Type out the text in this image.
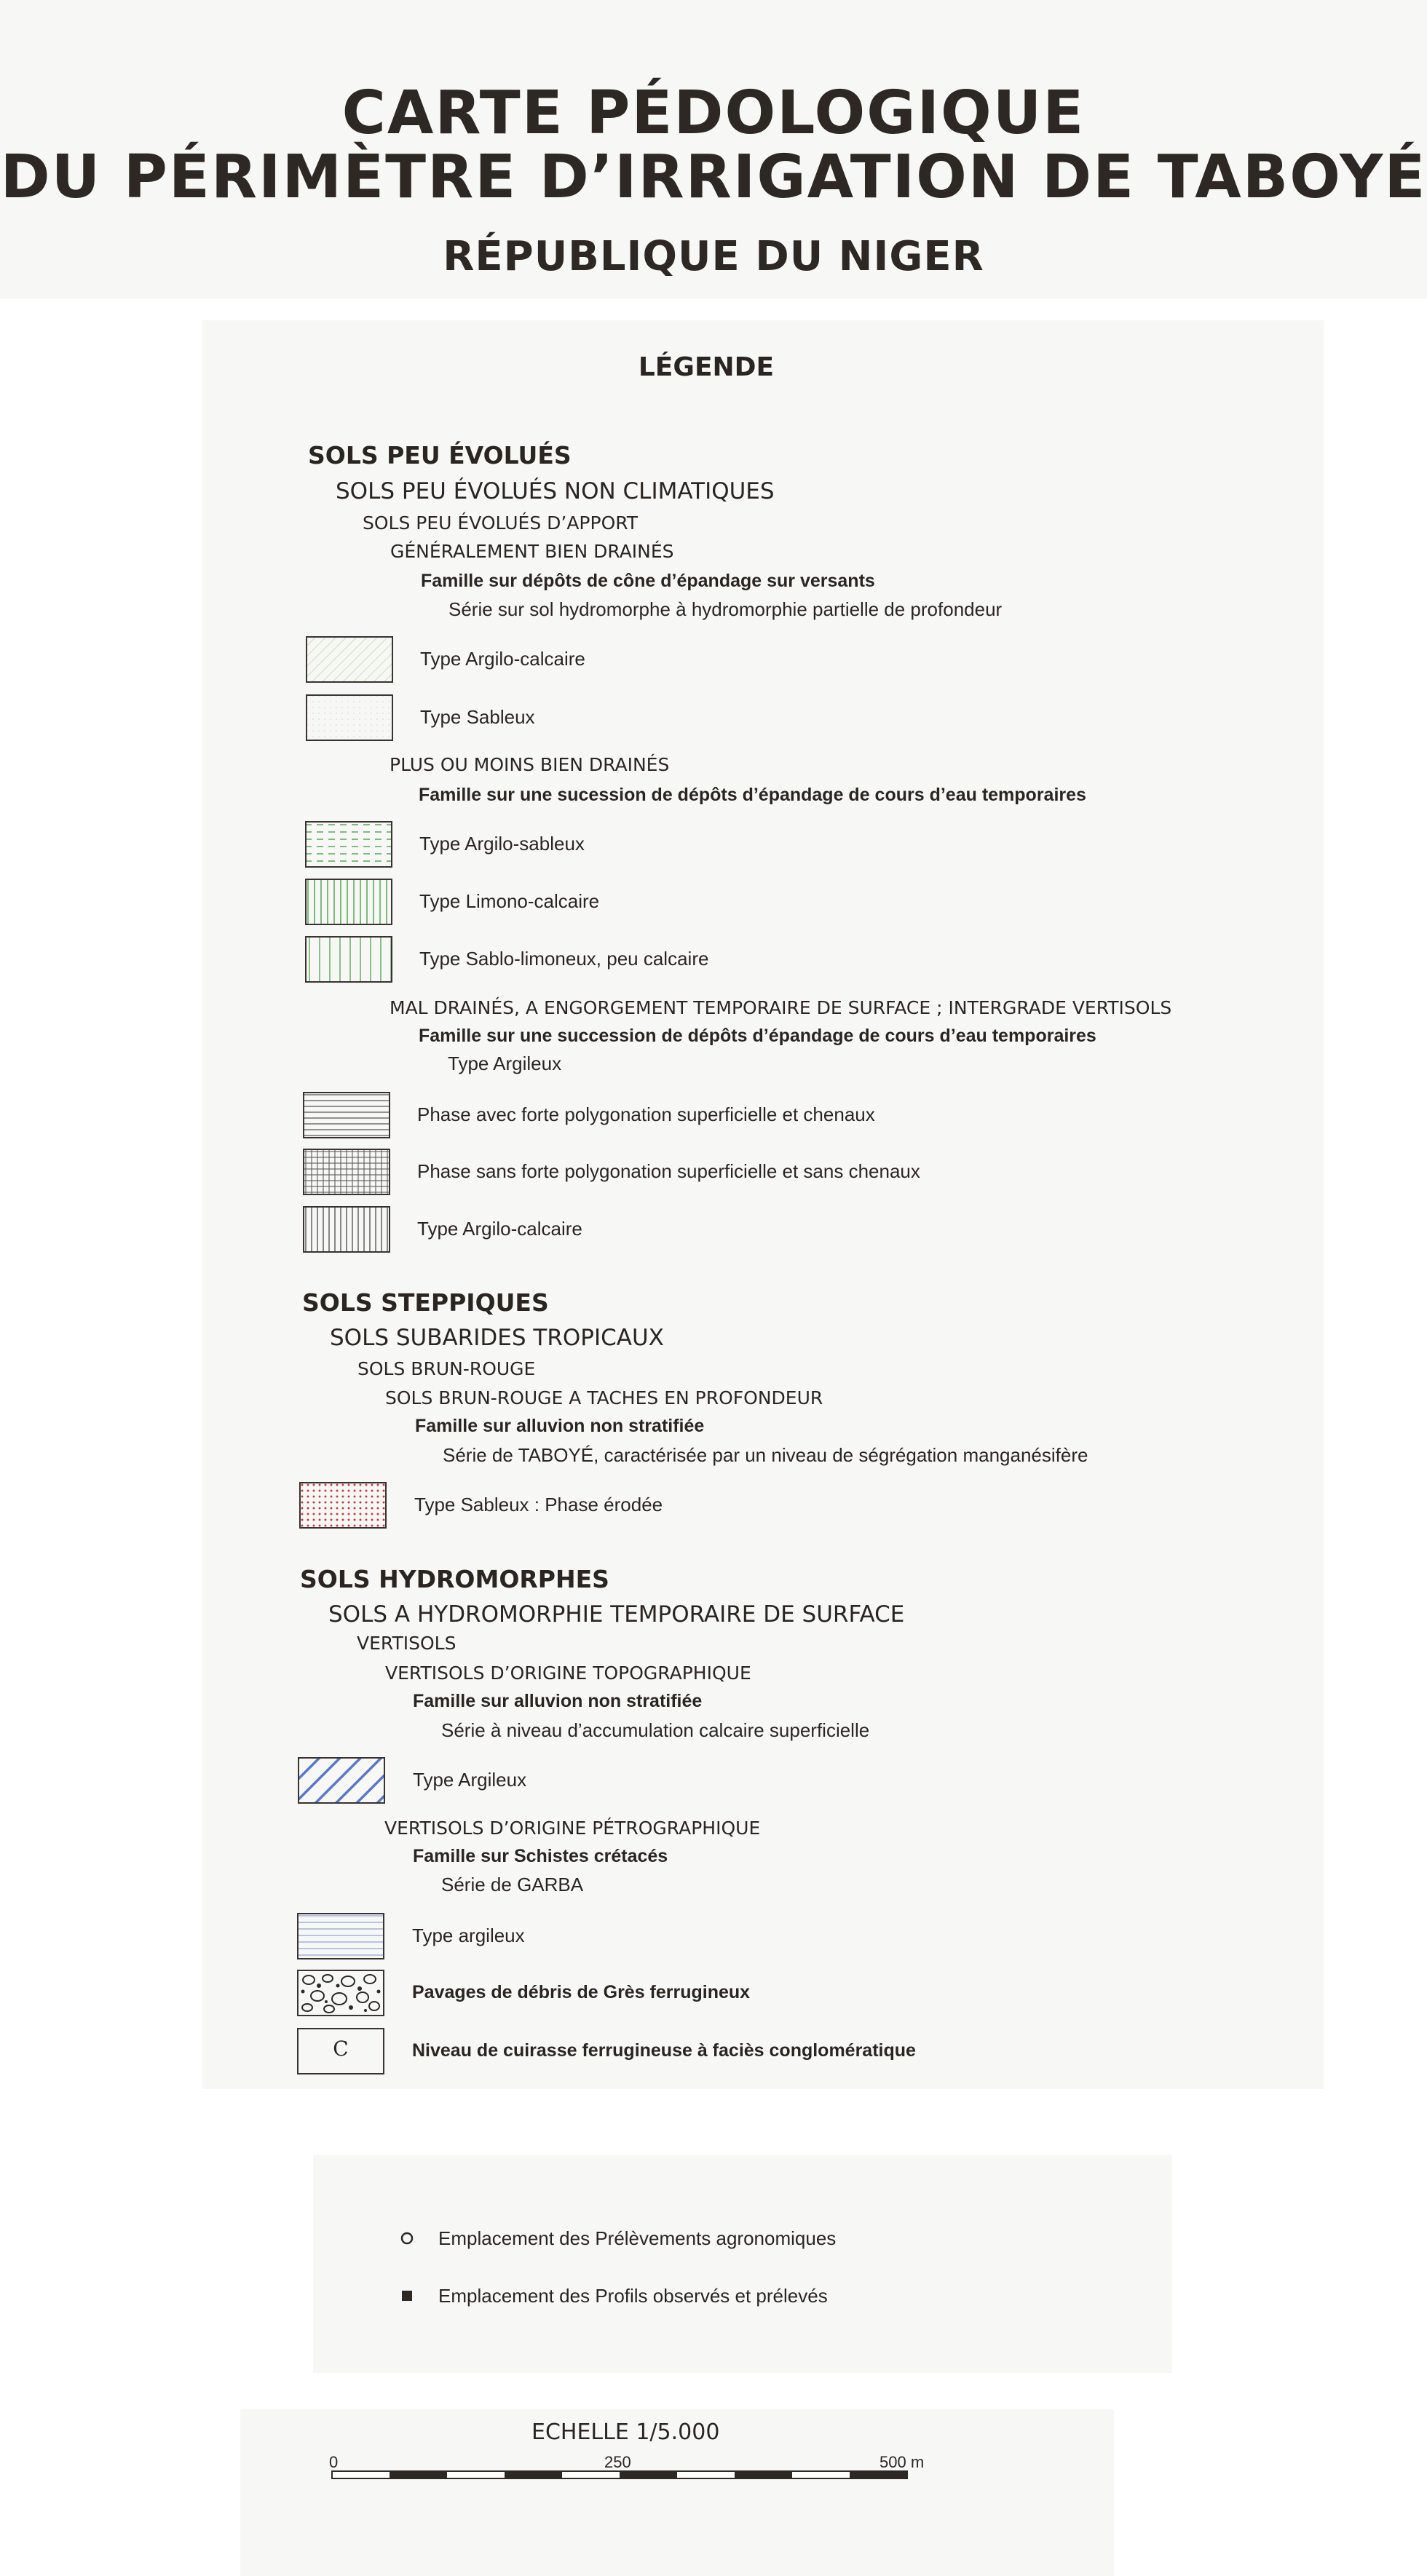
CARTE PÉDOLOGIQUE
DU PÉRIMÈTRE D’IRRIGATION DE TABOYÉ
RÉPUBLIQUE DU NIGER
LÉGENDE
SOLS PEU ÉVOLUÉS
SOLS PEU ÉVOLUÉS NON CLIMATIQUES
SOLS PEU ÉVOLUÉS D’APPORT
GÉNÉRALEMENT BIEN DRAINÉS
Famille sur dépôts de cône d’épandage sur versants
Série sur sol hydromorphe à hydromorphie partielle de profondeur
Type Argilo-calcaire
Type Sableux
PLUS OU MOINS BIEN DRAINÉS
Famille sur une sucession de dépôts d’épandage de cours d’eau temporaires
Type Argilo-sableux
Type Limono-calcaire
Type Sablo-limoneux, peu calcaire
MAL DRAINÉS, A ENGORGEMENT TEMPORAIRE DE SURFACE ; INTERGRADE VERTISOLS
Famille sur une succession de dépôts d’épandage de cours d’eau temporaires
Type Argileux
Phase avec forte polygonation superficielle et chenaux
Phase sans forte polygonation superficielle et sans chenaux
Type Argilo-calcaire
SOLS STEPPIQUES
SOLS SUBARIDES TROPICAUX
SOLS BRUN-ROUGE
SOLS BRUN-ROUGE A TACHES EN PROFONDEUR
Famille sur alluvion non stratifiée
Série de TABOYÉ, caractérisée par un niveau de ségrégation manganésifère
Type Sableux : Phase érodée
SOLS HYDROMORPHES
SOLS A HYDROMORPHIE TEMPORAIRE DE SURFACE
VERTISOLS
VERTISOLS D’ORIGINE TOPOGRAPHIQUE
Famille sur alluvion non stratifiée
Série à niveau d’accumulation calcaire superficielle
Type Argileux
VERTISOLS D’ORIGINE PÉTROGRAPHIQUE
Famille sur Schistes crétacés
Série de GARBA
Type argileux
Pavages de débris de Grès ferrugineux
C	Niveau de cuirasse ferrugineuse à faciès conglomératique
Emplacement des Prélèvements agronomiques
Emplacement des Profils observés et prélevés
ECHELLE 1/5.000
0	250	500 m
